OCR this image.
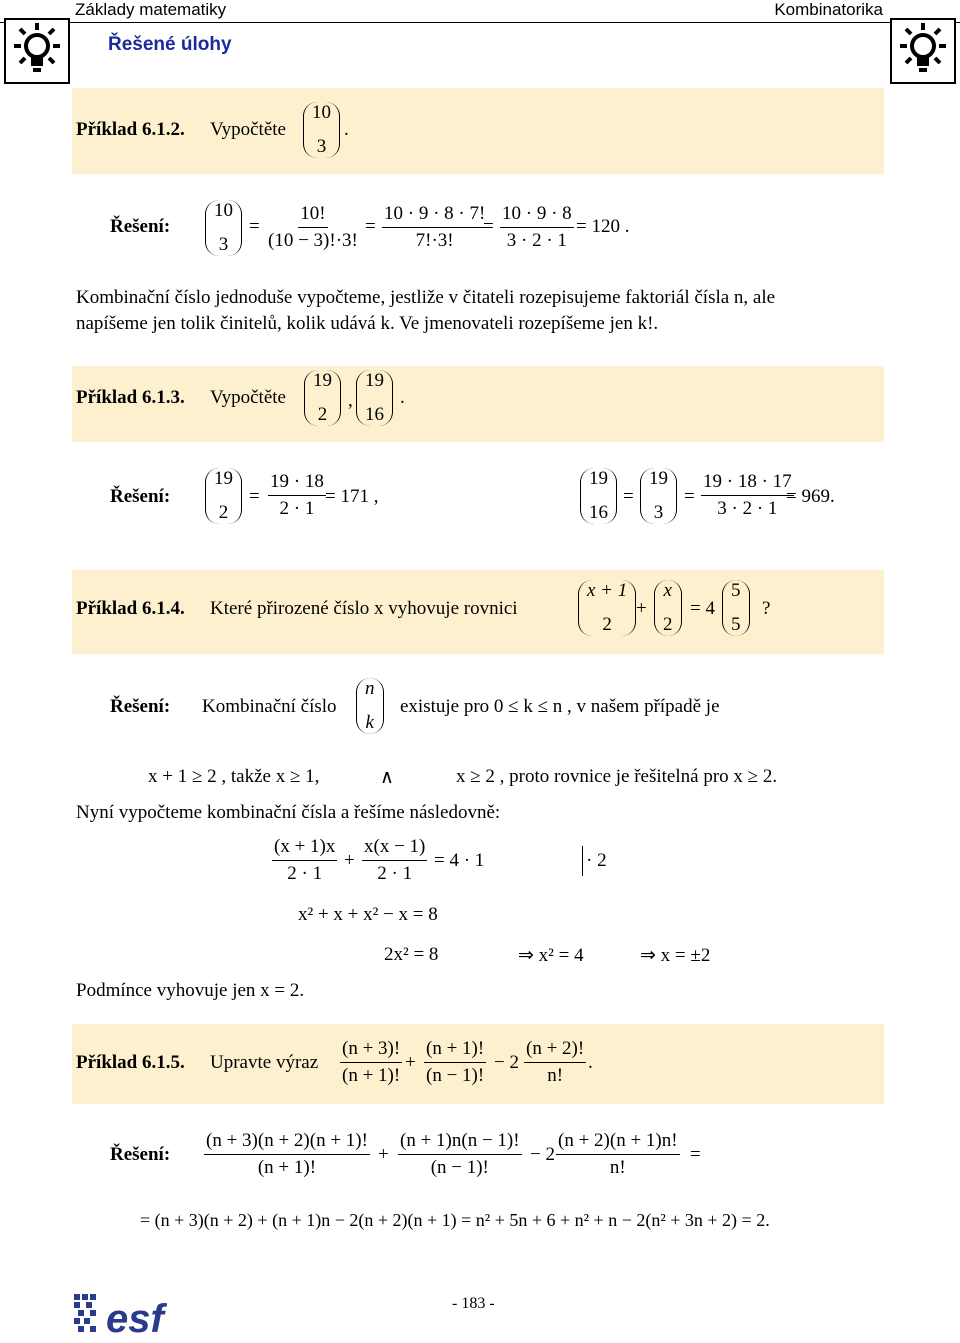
Základy matematiky	Kombinatorika
Řešené úlohy
Příklad 6.1.2. Vypočtěte
10
3
.
Řešení:
10
3
= $\frac{10!}{(10 - 3)!\cdot 3!} = \frac{10 \cdot 9 \cdot 8 \cdot 7!}{7!\cdot 3!}$
= $\frac{10 \cdot 9 \cdot 8}{3 \cdot 2 \cdot 1} = 120$ .
Kombinační číslo jednoduše vypočteme, jestliže v čitateli rozepisujeme faktoriál čísla n, ale
napíšeme jen tolik činitelů, kolik udává k. Ve jmenovateli rozepíšeme jen k!.
Příklad 6.1.3. Vypočtěte
19
2
,
19
16
.
Řešení:
19
2
= $\frac{19 \cdot 18}{2 \cdot 1} = 171$ ,
19
16
=
19
3
= $\frac{19 \cdot 18 \cdot 17}{3 \cdot 2 \cdot 1}$
= 969.
Příklad 6.1.4. Které přirozené číslo x vyhovuje rovnici
x + 1
2
+
x
2
= 4
5
5
?
Řešení: Kombinační číslo
n
k
existuje pro 0 ≤ k ≤ n , v našem případě je
x + 1 ≥ 2 , takže x ≥ 1,	∧	x ≥ 2 , proto rovnice je řešitelná pro x ≥ 2.
Nyní vypočteme kombinační čísla a řešíme následovně:
$\frac{(x + 1)x}{2 \cdot 1} + \frac{x(x - 1)}{2 \cdot 1} = 4 \cdot 1$	· 2
x² + x + x² − x = 8
2x² = 8	⇒ x² = 4	⇒ x = ±2
Podmínce vyhovuje jen x = 2.
Příklad 6.1.5. Upravte výraz $\frac{(n + 3)!}{(n + 1)!} + \frac{(n + 1)!}{(n - 1)!} - 2 \frac{(n + 2)!}{n!}$ .
Řešení: $\frac{(n + 3)(n + 2)(n + 1)!}{(n + 1)!} + \frac{(n + 1)n(n - 1)!}{(n - 1)!} - 2 \frac{(n + 2)(n + 1)n!}{n!}$ =
= (n + 3)(n + 2) + (n + 1)n − 2(n + 2)(n + 1) = n² + 5n + 6 + n² + n − 2(n² + 3n + 2) = 2.
esf	- 183 -
